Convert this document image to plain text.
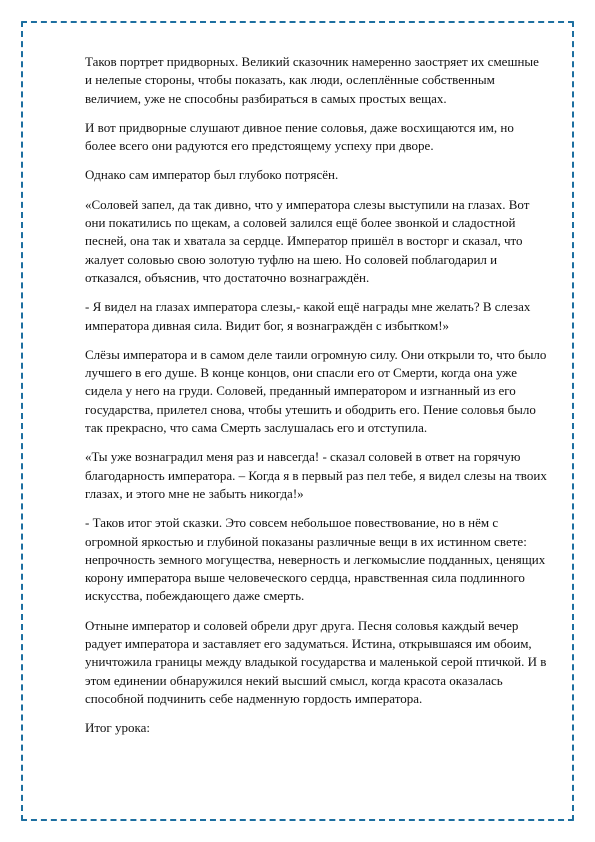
Таков портрет придворных. Великий сказочник намеренно заостряет их смешные и нелепые стороны, чтобы показать, как люди, ослеплённые собственным величием, уже не способны разбираться в самых простых вещах.

И вот придворные слушают дивное пение соловья, даже восхищаются им, но более всего они радуются его предстоящему успеху при дворе.

Однако сам император был глубоко потрясён.

«Соловей запел, да так дивно, что у императора слезы выступили на глазах. Вот они покатились по щекам, а соловей залился ещё более звонкой и сладостной песней, она так и хватала за сердце. Император пришёл в восторг и сказал, что жалует соловью свою золотую туфлю на шею. Но соловей поблагодарил и отказался, объяснив, что достаточно вознаграждён.

- Я видел на глазах императора слезы,- какой ещё награды мне желать? В слезах императора дивная сила. Видит бог, я вознаграждён с избытком!»

Слёзы императора и в самом деле таили огромную силу. Они открыли то, что было лучшего в его душе. В конце концов, они спасли его от Смерти, когда она уже сидела у него на груди. Соловей, преданный императором и изгнанный из его государства, прилетел снова, чтобы утешить и ободрить его. Пение соловья было так прекрасно, что сама Смерть заслушалась его и отступила.

«Ты уже вознаградил меня раз и навсегда! - сказал соловей в ответ на горячую благодарность императора. – Когда я в первый раз пел тебе, я видел слезы на твоих глазах, и этого мне не забыть никогда!»

- Таков итог этой сказки. Это совсем небольшое повествование, но в нём с огромной яркостью и глубиной показаны различные вещи в их истинном свете: непрочность земного могущества, неверность и легкомыслие подданных, ценящих корону императора выше человеческого сердца, нравственная сила подлинного искусства, побеждающего даже смерть.

Отныне император и соловей обрели друг друга. Песня соловья каждый вечер радует императора и заставляет его задуматься. Истина, открывшаяся им обоим, уничтожила границы между владыкой государства и маленькой серой птичкой. И в этом единении обнаружился некий высший смысл, когда красота оказалась способной подчинить себе надменную гордость императора.

Итог урока:
